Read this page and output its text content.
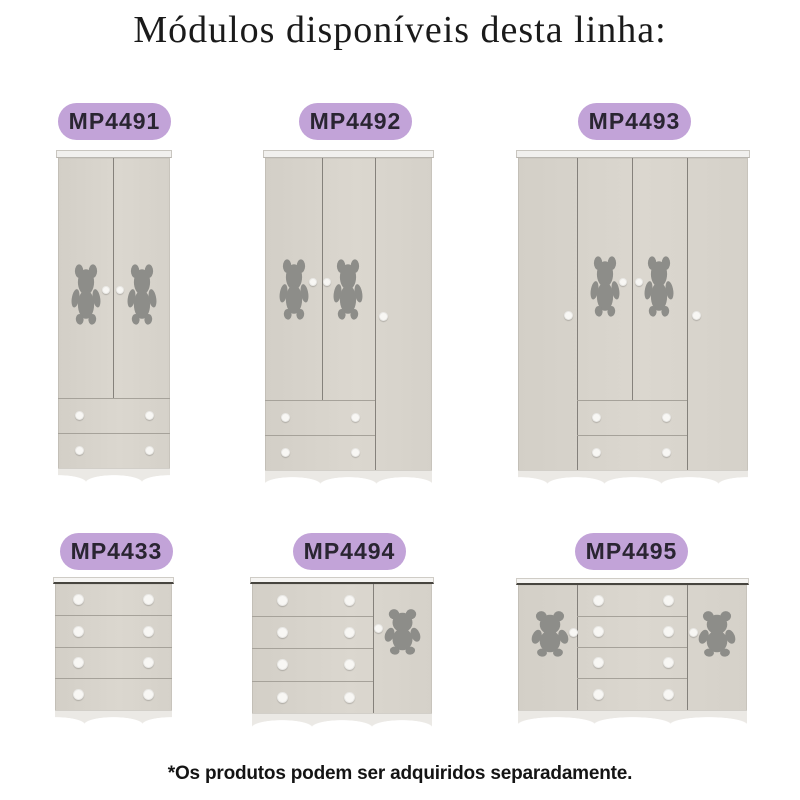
Módulos disponíveis desta linha:
MP4491	MP4492	MP4493
MP4433	MP4494	MP4495
*Os produtos podem ser adquiridos separadamente.
